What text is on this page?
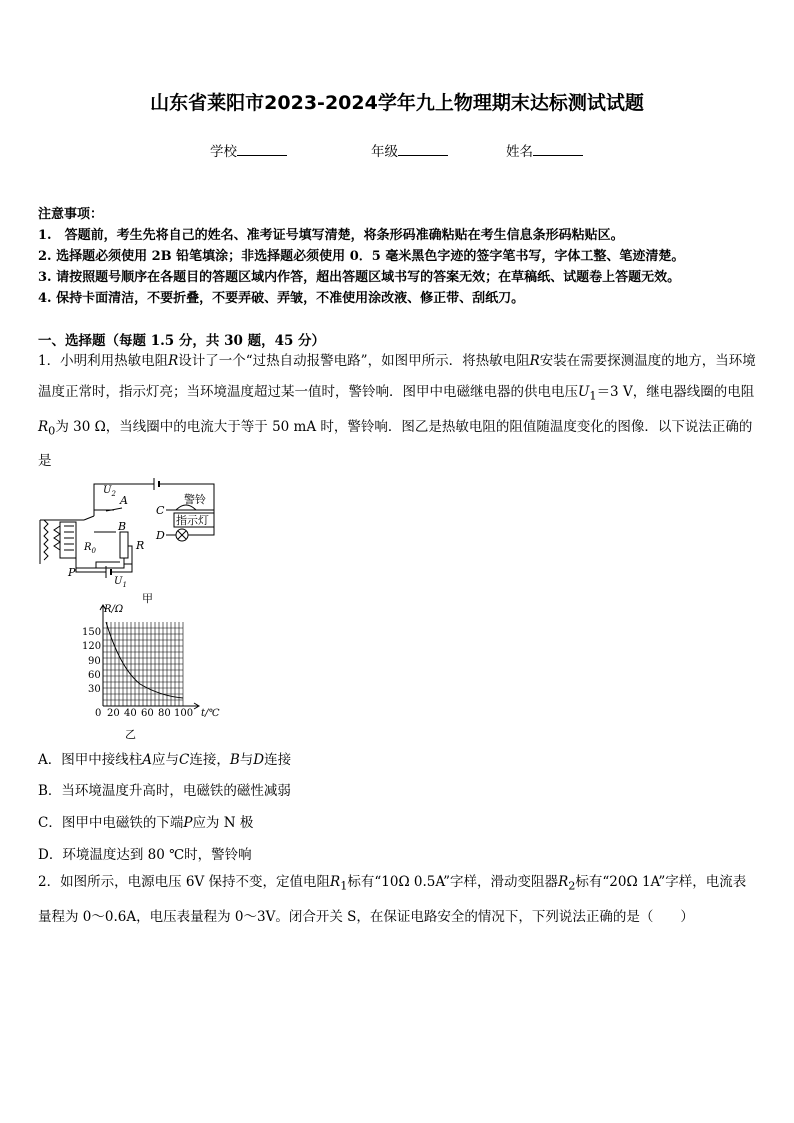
山东省莱阳市2023-2024学年九上物理期末达标测试试题
学校	年级	姓名
注意事项：
1.　答题前，考生先将自己的姓名、准考证号填写清楚，将条形码准确粘贴在考生信息条形码粘贴区。
2. 选择题必须使用 2B 铅笔填涂；非选择题必须使用 0．5 毫米黑色字迹的签字笔书写，字体工整、笔迹清楚。
3. 请按照题号顺序在各题目的答题区域内作答，超出答题区域书写的答案无效；在草稿纸、试题卷上答题无效。
4. 保持卡面清洁，不要折叠，不要弄破、弄皱，不准使用涂改液、修正带、刮纸刀。
一、选择题（每题 1.5 分，共 30 题，45 分）
1．小明利用热敏电阻R设计了一个“过热自动报警电路”，如图甲所示．将热敏电阻R安装在需要探测温度的地方，当环境温度正常时，指示灯亮；当环境温度超过某一值时，警铃响．图甲中电磁继电器的供电电压$U_1=3$ V，继电器线圈的电阻$R_0$为 30 Ω，当线圈中的电流大于等于 50 mA 时，警铃响．图乙是热敏电阻的阻值随温度变化的图像．以下说法正确的是
$U_2$ A
B
C
D
R
$R_0$
P
$U_1$
警铃
指示灯
甲
R/Ω
t/℃
150
120
90
60
30
0 20 40 60 80 100
乙
A．图甲中接线柱A应与C连接，B与D连接
B．当环境温度升高时，电磁铁的磁性减弱
C．图甲中电磁铁的下端P应为 N 极
D．环境温度达到 80 ℃时，警铃响
2．如图所示，电源电压 6V 保持不变，定值电阻$R_1$标有“10Ω 0.5A”字样，滑动变阻器$R_2$标有“20Ω 1A”字样，电流表量程为 0～0.6A，电压表量程为 0～3V。闭合开关 S，在保证电路安全的情况下，下列说法正确的是（　　）
